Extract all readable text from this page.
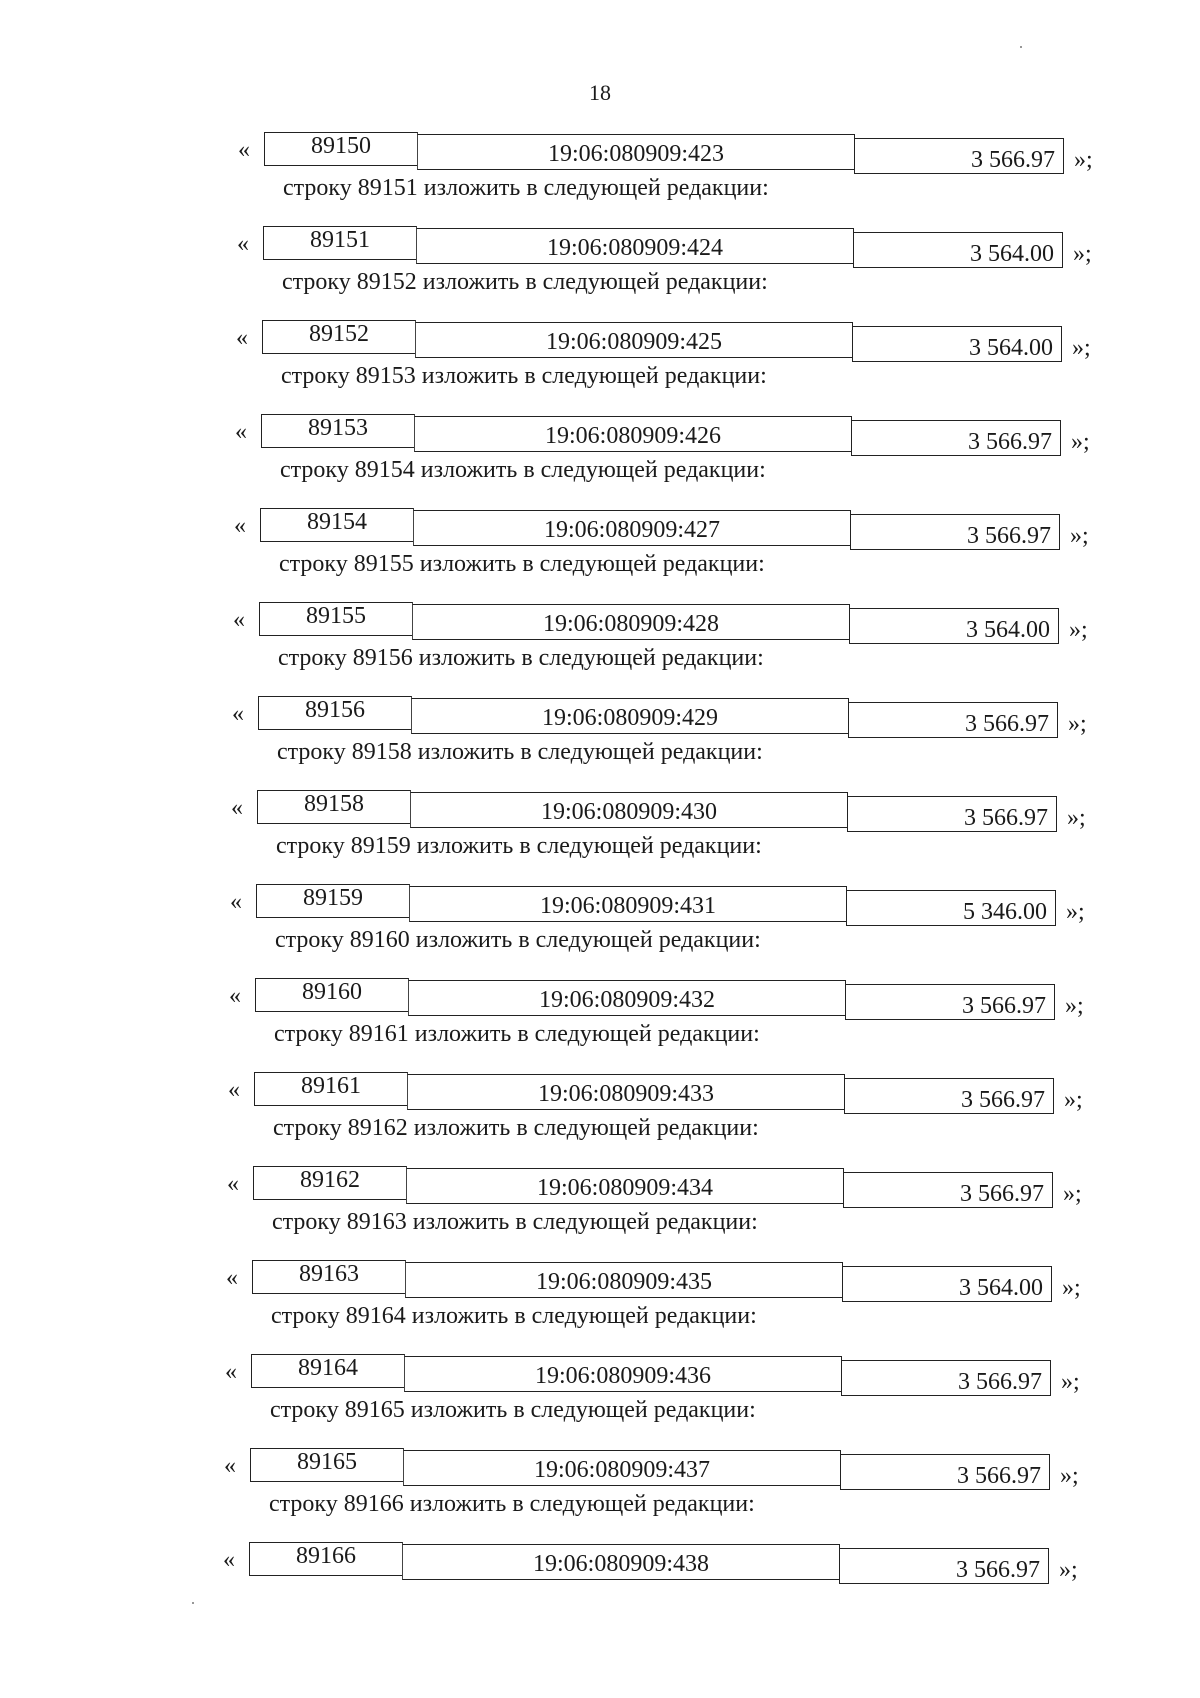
18
«	89150	19:06:080909:423	3 566.97 »;
строку 89151 изложить в следующей редакции:
«	89151	19:06:080909:424	3 564.00 »;
строку 89152 изложить в следующей редакции:
«	89152	19:06:080909:425	3 564.00 »;
строку 89153 изложить в следующей редакции:
«	89153	19:06:080909:426	3 566.97 »;
строку 89154 изложить в следующей редакции:
«	89154	19:06:080909:427	3 566.97 »;
строку 89155 изложить в следующей редакции:
«	89155	19:06:080909:428	3 564.00 »;
строку 89156 изложить в следующей редакции:
«	89156	19:06:080909:429	3 566.97 »;
строку 89158 изложить в следующей редакции:
«	89158	19:06:080909:430	3 566.97 »;
строку 89159 изложить в следующей редакции:
«	89159	19:06:080909:431	5 346.00 »;
строку 89160 изложить в следующей редакции:
«	89160	19:06:080909:432	3 566.97 »;
строку 89161 изложить в следующей редакции:
«	89161	19:06:080909:433	3 566.97 »;
строку 89162 изложить в следующей редакции:
«	89162	19:06:080909:434	3 566.97 »;
строку 89163 изложить в следующей редакции:
«	89163	19:06:080909:435	3 564.00 »;
строку 89164 изложить в следующей редакции:
«	89164	19:06:080909:436	3 566.97 »;
строку 89165 изложить в следующей редакции:
«	89165	19:06:080909:437	3 566.97 »;
строку 89166 изложить в следующей редакции:
«	89166	19:06:080909:438	3 566.97 »;
